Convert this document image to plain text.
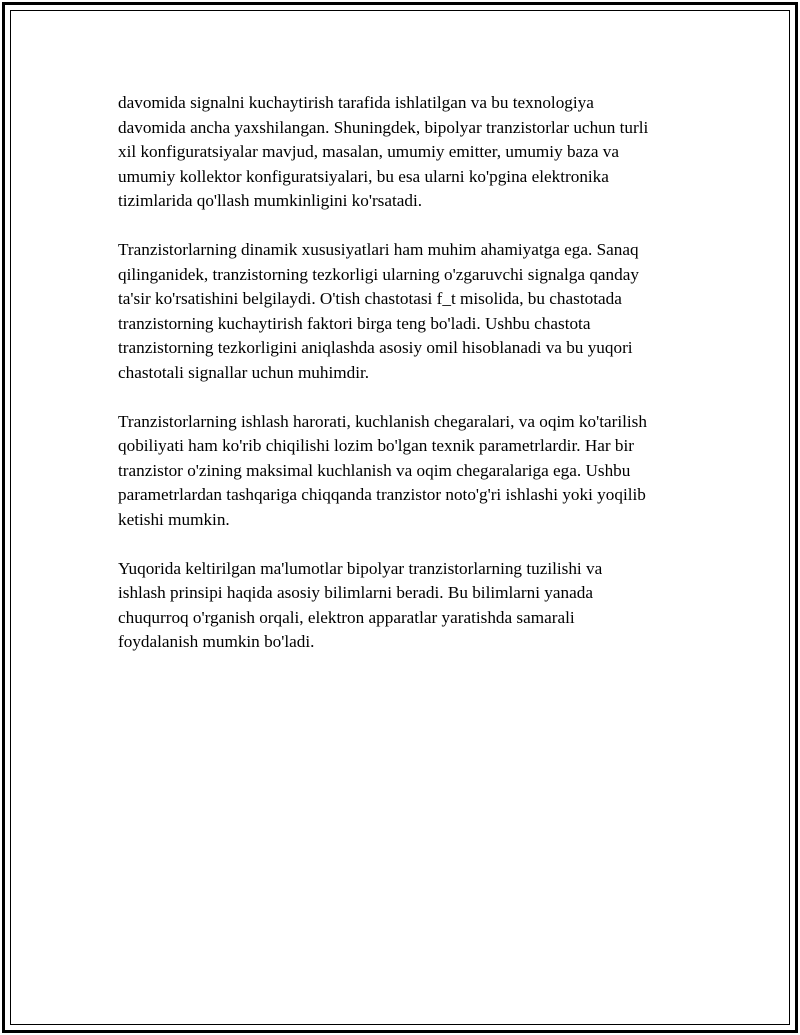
davomida signalni kuchaytirish tarafida ishlatilgan va bu texnologiya
davomida ancha yaxshilangan. Shuningdek, bipolyar tranzistorlar uchun turli
xil konfiguratsiyalar mavjud, masalan, umumiy emitter, umumiy baza va
umumiy kollektor konfiguratsiyalari, bu esa ularni ko'pgina elektronika
tizimlarida qo'llash mumkinligini ko'rsatadi.

Tranzistorlarning dinamik xususiyatlari ham muhim ahamiyatga ega. Sanaq
qilinganidek, tranzistorning tezkorligi ularning o'zgaruvchi signalga qanday
ta'sir ko'rsatishini belgilaydi. O'tish chastotasi f_t misolida, bu chastotada
tranzistorning kuchaytirish faktori birga teng bo'ladi. Ushbu chastota
tranzistorning tezkorligini aniqlashda asosiy omil hisoblanadi va bu yuqori
chastotali signallar uchun muhimdir.

Tranzistorlarning ishlash harorati, kuchlanish chegaralari, va oqim ko'tarilish
qobiliyati ham ko'rib chiqilishi lozim bo'lgan texnik parametrlardir. Har bir
tranzistor o'zining maksimal kuchlanish va oqim chegaralariga ega. Ushbu
parametrlardan tashqariga chiqqanda tranzistor noto'g'ri ishlashi yoki yoqilib
ketishi mumkin.

Yuqorida keltirilgan ma'lumotlar bipolyar tranzistorlarning tuzilishi va
ishlash prinsipi haqida asosiy bilimlarni beradi. Bu bilimlarni yanada
chuqurroq o'rganish orqali, elektron apparatlar yaratishda samarali
foydalanish mumkin bo'ladi.
